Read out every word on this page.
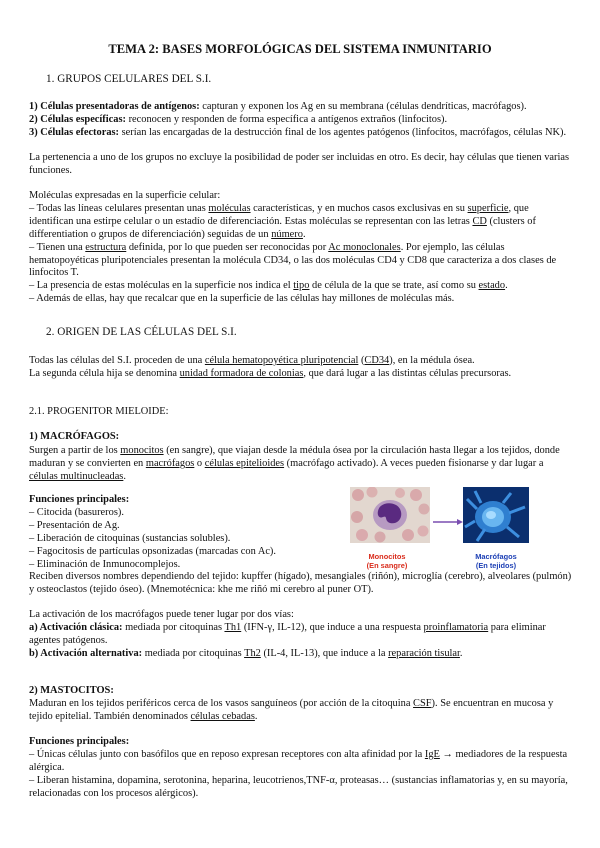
TEMA 2: BASES MORFOLÓGICAS DEL SISTEMA INMUNITARIO

1. GRUPOS CELULARES DEL S.I.

1) Células presentadoras de antígenos: capturan y exponen los Ag en su membrana (células dendríticas, macrófagos).
2) Células específicas: reconocen y responden de forma específica a antígenos extraños (linfocitos).
3) Células efectoras: serían las encargadas de la destrucción final de los agentes patógenos (linfocitos, macrófagos, células NK).

La pertenencia a uno de los grupos no excluye la posibilidad de poder ser incluidas en otro. Es decir, hay células que tienen varias funciones.

Moléculas expresadas en la superficie celular:
– Todas las líneas celulares presentan unas moléculas características, y en muchos casos exclusivas en su superficie, que identifican una estirpe celular o un estadío de diferenciación. Estas moléculas se representan con las letras CD (clusters of differentiation o grupos de diferenciación) seguidas de un número.
– Tienen una estructura definida, por lo que pueden ser reconocidas por Ac monoclonales. Por ejemplo, las células hematopoyéticas pluripotenciales presentan la molécula CD34, o las dos moléculas CD4 y CD8 que caracteriza a dos clases de linfocitos T.
– La presencia de estas moléculas en la superficie nos indica el tipo de célula de la que se trate, así como su estado.
– Además de ellas, hay que recalcar que en la superficie de las células hay millones de moléculas más.

2. ORIGEN DE LAS CÉLULAS DEL S.I.

Todas las células del S.I. proceden de una célula hematopoyética pluripotencial (CD34), en la médula ósea.
La segunda célula hija se denomina unidad formadora de colonias, que dará lugar a las distintas células precursoras.

2.1. PROGENITOR MIELOIDE:

1) MACRÓFAGOS:

Surgen a partir de los monocitos (en sangre), que viajan desde la médula ósea por la circulación hasta llegar a los tejidos, donde maduran y se convierten en macrófagos o células epitelioides (macrófago activado). A veces pueden fisionarse y dar lugar a células multinucleadas.

Funciones principales:
– Citocida (basureros).
– Presentación de Ag.
– Liberación de citoquinas (sustancias solubles).
– Fagocitosis de partículas opsonizadas (marcadas con Ac).
– Eliminación de Inmunocomplejos.

Monocitos
(En sangre)

Macrófagos
(En tejidos)

Reciben diversos nombres dependiendo del tejido: kupffer (hígado), mesangiales (riñón), microglía (cerebro), alveolares (pulmón) y osteoclastos (tejido óseo). (Mnemotécnica: khe me riñó mi cerebro al puner OT).

La activación de los macrófagos puede tener lugar por dos vías:
a) Activación clásica: mediada por citoquinas Th1 (IFN-γ, IL-12), que induce a una respuesta proinflamatoria para eliminar agentes patógenos.
b) Activación alternativa: mediada por citoquinas Th2 (IL-4, IL-13), que induce a la reparación tisular.

2) MASTOCITOS:

Maduran en los tejidos periféricos cerca de los vasos sanguíneos (por acción de la citoquina CSF). Se encuentran en mucosa y tejido epitelial. También denominados células cebadas.

Funciones principales:
– Únicas células junto con basófilos que en reposo expresan receptores con alta afinidad por la IgE → mediadores de la respuesta alérgica.
– Liberan histamina, dopamina, serotonina, heparina, leucotrienos,TNF-α, proteasas… (sustancias inflamatorias y, en su mayoría, relacionadas con los procesos alérgicos).
